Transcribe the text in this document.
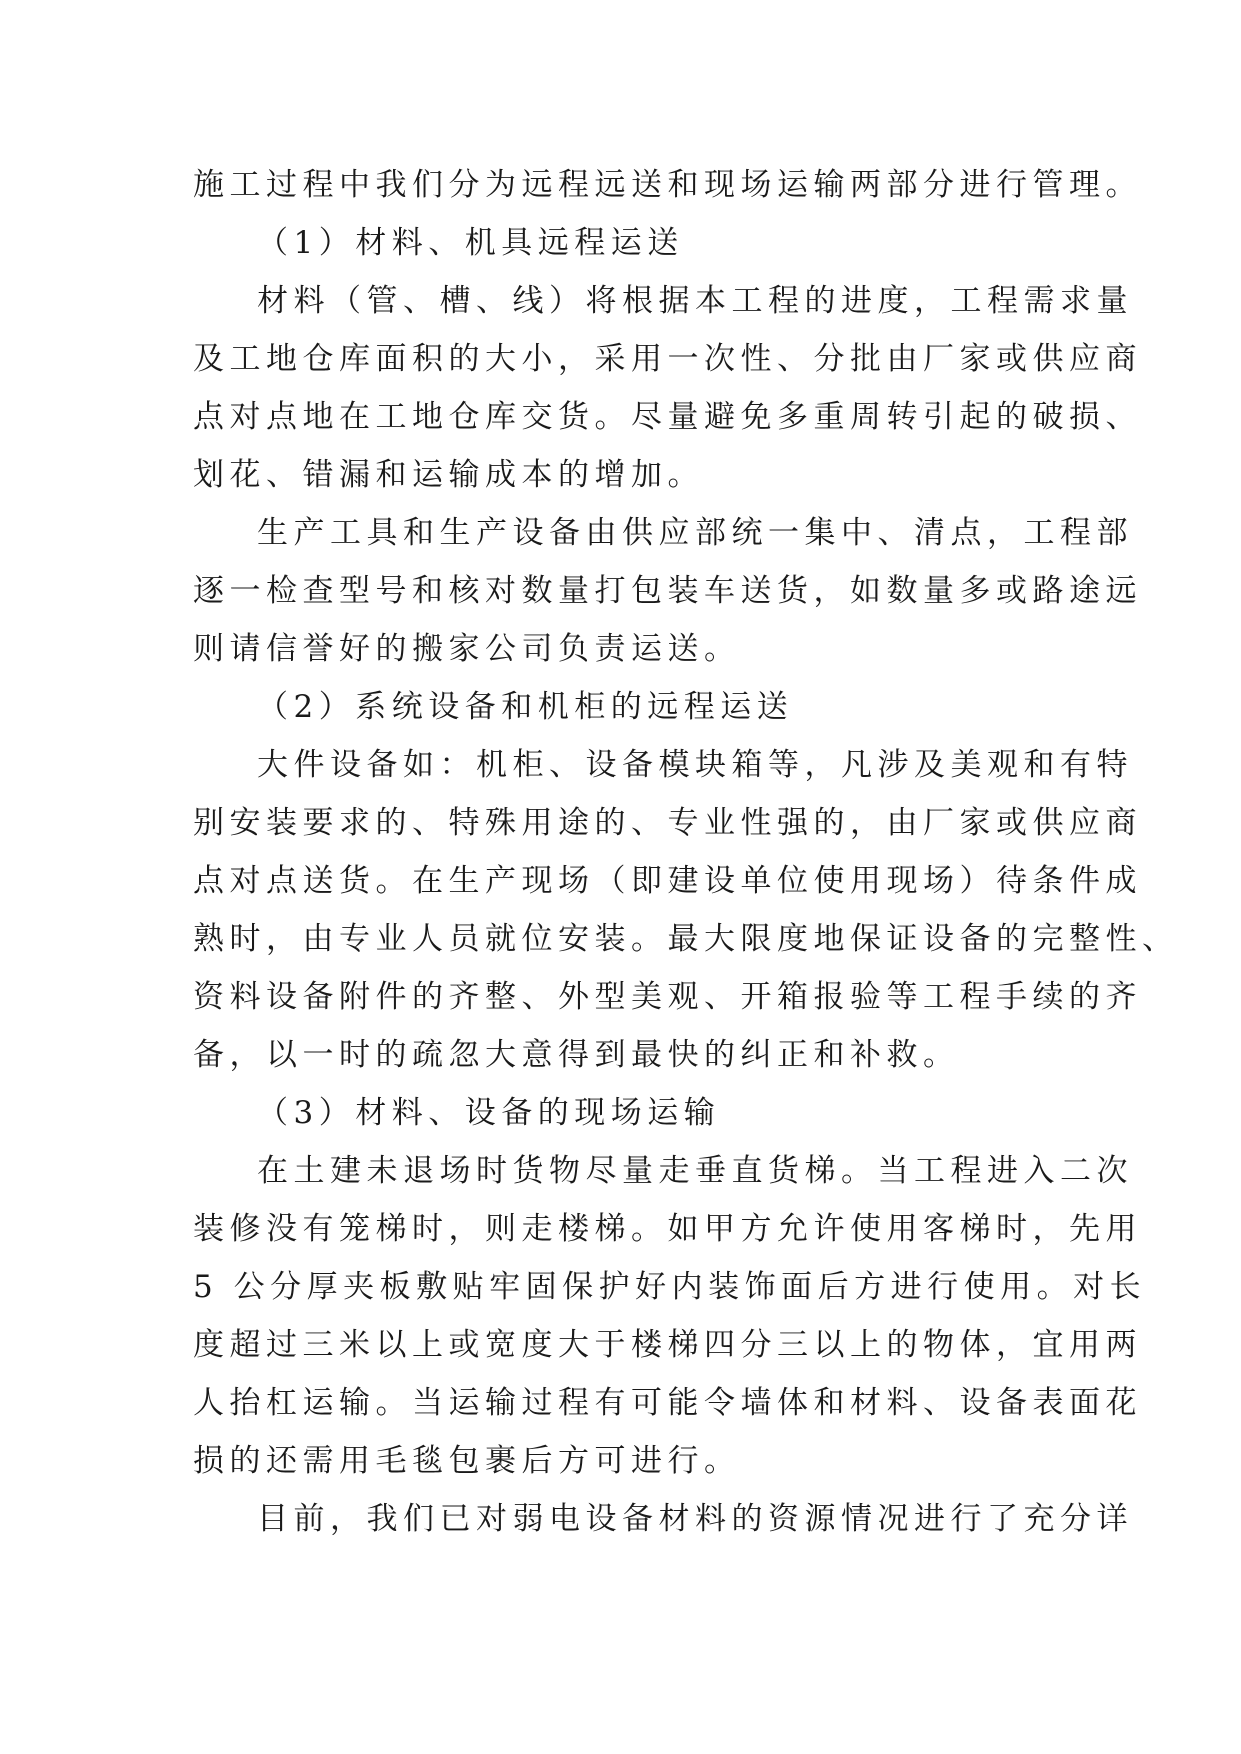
施工过程中我们分为远程远送和现场运输两部分进行管理。
（1）材料、机具远程运送
材料（管、槽、线）将根据本工程的进度，工程需求量
及工地仓库面积的大小，采用一次性、分批由厂家或供应商
点对点地在工地仓库交货。尽量避免多重周转引起的破损、
划花、错漏和运输成本的增加。
生产工具和生产设备由供应部统一集中、清点，工程部
逐一检查型号和核对数量打包装车送货，如数量多或路途远
则请信誉好的搬家公司负责运送。
（2）系统设备和机柜的远程运送
大件设备如：机柜、设备模块箱等，凡涉及美观和有特
别安装要求的、特殊用途的、专业性强的，由厂家或供应商
点对点送货。在生产现场（即建设单位使用现场）待条件成
熟时，由专业人员就位安装。最大限度地保证设备的完整性、
资料设备附件的齐整、外型美观、开箱报验等工程手续的齐
备，以一时的疏忽大意得到最快的纠正和补救。
（3）材料、设备的现场运输
在土建未退场时货物尽量走垂直货梯。当工程进入二次
装修没有笼梯时，则走楼梯。如甲方允许使用客梯时，先用
5 公分厚夹板敷贴牢固保护好内装饰面后方进行使用。对长
度超过三米以上或宽度大于楼梯四分三以上的物体，宜用两
人抬杠运输。当运输过程有可能令墙体和材料、设备表面花
损的还需用毛毯包裹后方可进行。
目前，我们已对弱电设备材料的资源情况进行了充分详
